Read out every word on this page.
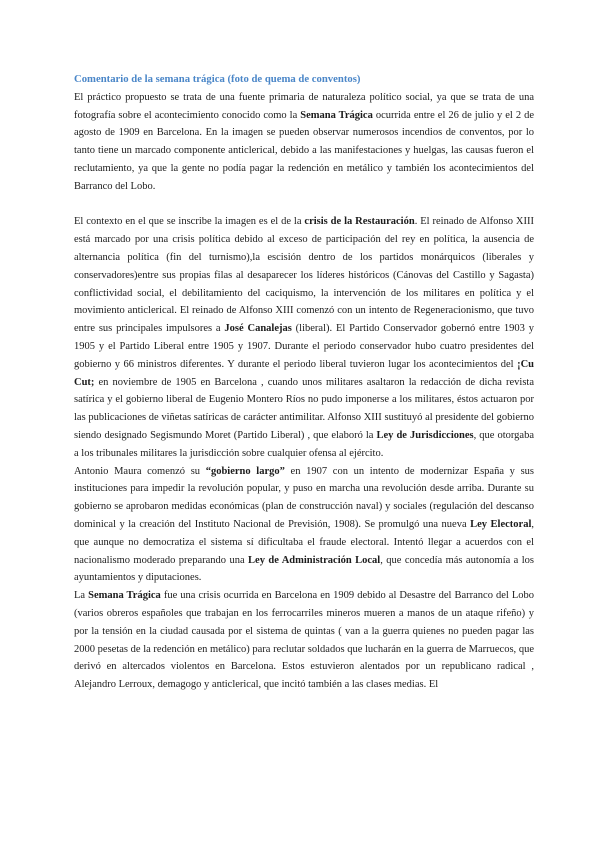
Comentario de la semana trágica (foto de quema de conventos)

El práctico propuesto se trata de una fuente primaria de naturaleza político social, ya que se trata de una fotografía sobre el acontecimiento conocido como la Semana Trágica ocurrida entre el 26 de julio y el 2 de agosto de 1909 en Barcelona. En la imagen se pueden observar numerosos incendios de conventos, por lo tanto tiene un marcado componente anticlerical, debido a las manifestaciones y huelgas, las causas fueron el reclutamiento, ya que la gente no podía pagar la redención en metálico y también los acontecimientos del Barranco del Lobo.

El contexto en el que se inscribe la imagen es el de la crisis de la Restauración. El reinado de Alfonso XIII está marcado por una crisis política debido al exceso de participación del rey en política, la ausencia de alternancia política (fin del turnismo),la escisión dentro de los partidos monárquicos (liberales y conservadores)entre sus propias filas al desaparecer los líderes históricos (Cánovas del Castillo y Sagasta) conflictividad social, el debilitamiento del caciquismo, la intervención de los militares en política y el movimiento anticlerical. El reinado de Alfonso XIII comenzó con un intento de Regeneracionismo, que tuvo entre sus principales impulsores a José Canalejas (liberal). El Partido Conservador gobernó entre 1903 y 1905 y el Partido Liberal entre 1905 y 1907. Durante el periodo conservador hubo cuatro presidentes del gobierno y 66 ministros diferentes. Y durante el periodo liberal tuvieron lugar los acontecimientos del ¡Cu Cut; en noviembre de 1905 en Barcelona , cuando unos militares asaltaron la redacción de dicha revista satírica y el gobierno liberal de Eugenio Montero Ríos no pudo imponerse a los militares, éstos actuaron por las publicaciones de viñetas satíricas de carácter antimilitar. Alfonso XIII sustituyó al presidente del gobierno siendo designado Segismundo Moret (Partido Liberal) , que elaboró la Ley de Jurisdicciones, que otorgaba a los tribunales militares la jurisdicción sobre cualquier ofensa al ejército.

Antonio Maura comenzó su “gobierno largo” en 1907 con un intento de modernizar España y sus instituciones para impedir la revolución popular, y puso en marcha una revolución desde arriba. Durante su gobierno se aprobaron medidas económicas (plan de construcción naval) y sociales (regulación del descanso dominical y la creación del Instituto Nacional de Previsión, 1908). Se promulgó una nueva Ley Electoral, que aunque no democratiza el sistema sí dificultaba el fraude electoral. Intentó llegar a acuerdos con el nacionalismo moderado preparando una Ley de Administración Local, que concedía más autonomía a los ayuntamientos y diputaciones.

La Semana Trágica fue una crisis ocurrida en Barcelona en 1909 debido al Desastre del Barranco del Lobo (varios obreros españoles que trabajan en los ferrocarriles mineros mueren a manos de un ataque rifeño) y por la tensión en la ciudad causada por el sistema de quintas ( van a la guerra quienes no pueden pagar las 2000 pesetas de la redención en metálico) para reclutar soldados que lucharán en la guerra de Marruecos, que derivó en altercados violentos en Barcelona. Estos estuvieron alentados por un republicano radical , Alejandro Lerroux, demagogo y anticlerical, que incitó también a las clases medias. El
